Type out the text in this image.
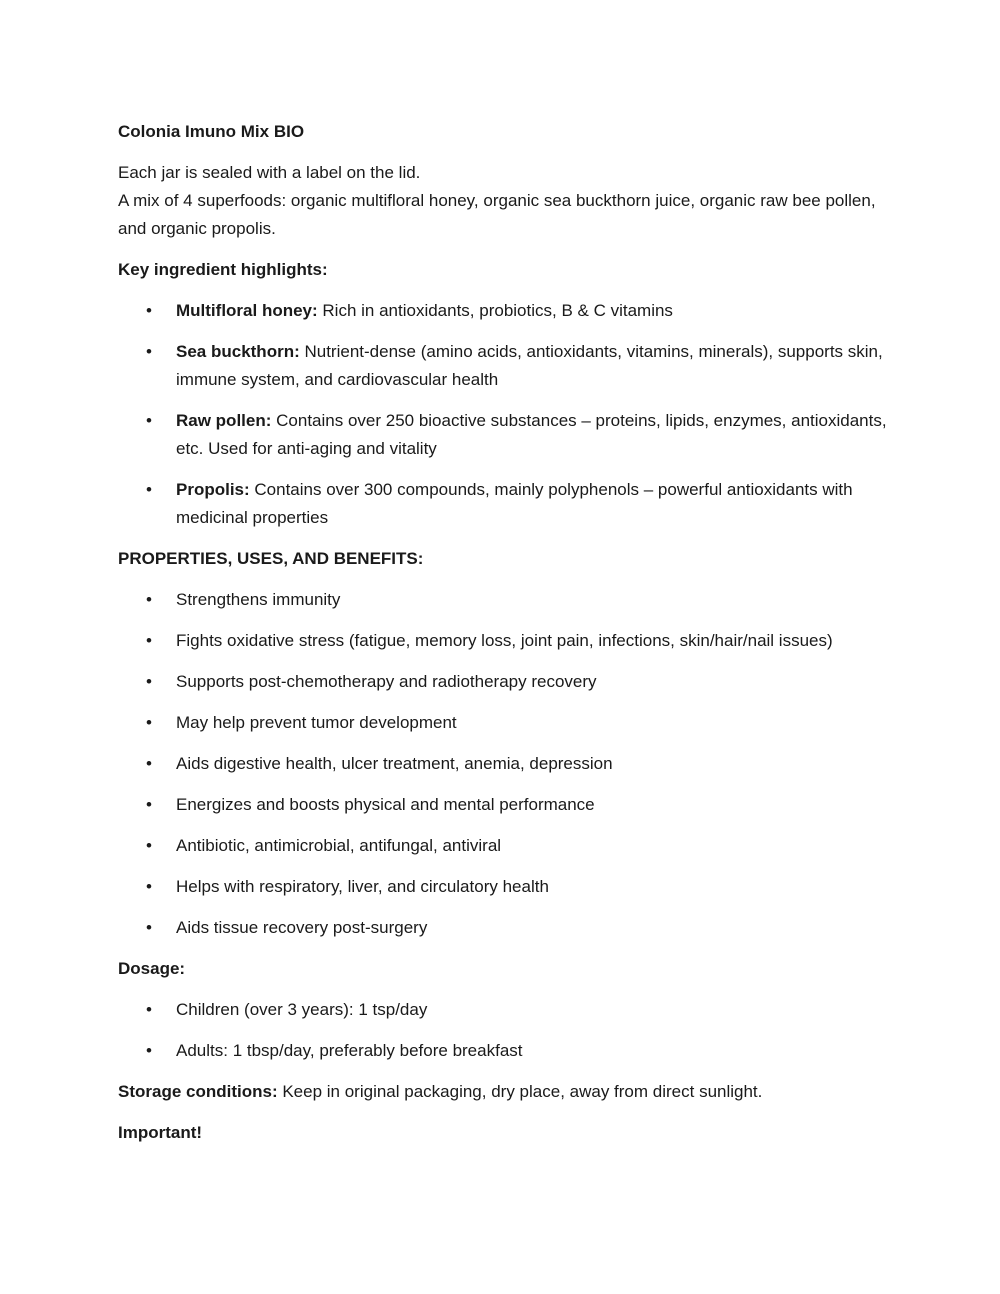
Colonia Imuno Mix BIO
Each jar is sealed with a label on the lid.
A mix of 4 superfoods: organic multifloral honey, organic sea buckthorn juice, organic raw bee pollen, and organic propolis.
Key ingredient highlights:
• Multifloral honey: Rich in antioxidants, probiotics, B & C vitamins
• Sea buckthorn: Nutrient-dense (amino acids, antioxidants, vitamins, minerals), supports skin, immune system, and cardiovascular health
• Raw pollen: Contains over 250 bioactive substances – proteins, lipids, enzymes, antioxidants, etc. Used for anti-aging and vitality
• Propolis: Contains over 300 compounds, mainly polyphenols – powerful antioxidants with medicinal properties
PROPERTIES, USES, AND BENEFITS:
• Strengthens immunity
• Fights oxidative stress (fatigue, memory loss, joint pain, infections, skin/hair/nail issues)
• Supports post-chemotherapy and radiotherapy recovery
• May help prevent tumor development
• Aids digestive health, ulcer treatment, anemia, depression
• Energizes and boosts physical and mental performance
• Antibiotic, antimicrobial, antifungal, antiviral
• Helps with respiratory, liver, and circulatory health
• Aids tissue recovery post-surgery
Dosage:
• Children (over 3 years): 1 tsp/day
• Adults: 1 tbsp/day, preferably before breakfast
Storage conditions: Keep in original packaging, dry place, away from direct sunlight.
Important!
